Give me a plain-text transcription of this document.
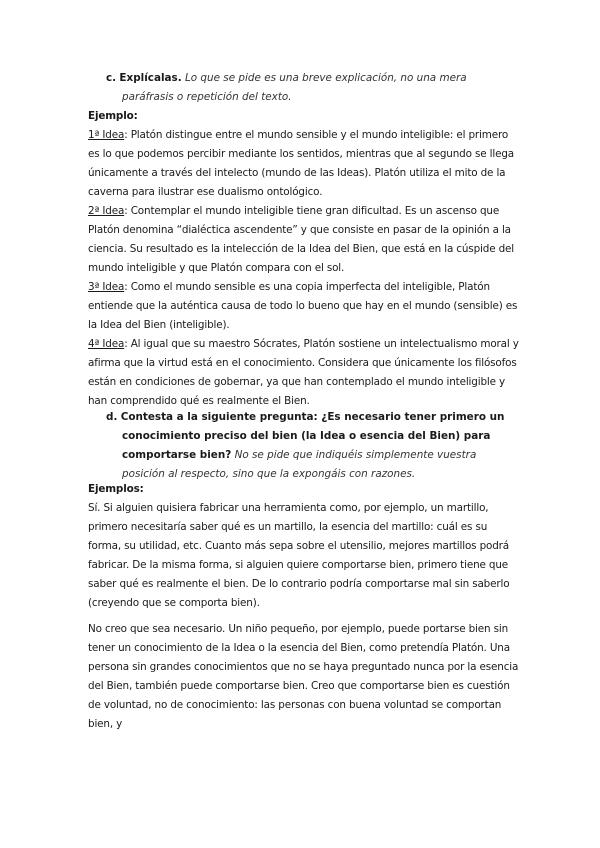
c. Explícalas. Lo que se pide es una breve explicación, no una mera paráfrasis o repetición del texto.

Ejemplo:

1ª Idea: Platón distingue entre el mundo sensible y el mundo inteligible: el primero es lo que podemos percibir mediante los sentidos, mientras que al segundo se llega únicamente a través del intelecto (mundo de las Ideas). Platón utiliza el mito de la caverna para ilustrar ese dualismo ontológico.

2ª Idea: Contemplar el mundo inteligible tiene gran dificultad. Es un ascenso que Platón denomina “dialéctica ascendente” y que consiste en pasar de la opinión a la ciencia. Su resultado es la intelección de la Idea del Bien, que está en la cúspide del mundo inteligible y que Platón compara con el sol.

3ª Idea: Como el mundo sensible es una copia imperfecta del inteligible, Platón entiende que la auténtica causa de todo lo bueno que hay en el mundo (sensible) es la Idea del Bien (inteligible).

4ª Idea: Al igual que su maestro Sócrates, Platón sostiene un intelectualismo moral y afirma que la virtud está en el conocimiento. Considera que únicamente los filósofos están en condiciones de gobernar, ya que han contemplado el mundo inteligible y han comprendido qué es realmente el Bien.

d. Contesta a la siguiente pregunta: ¿Es necesario tener primero un conocimiento preciso del bien (la Idea o esencia del Bien) para comportarse bien? No se pide que indiquéis simplemente vuestra posición al respecto, sino que la expongáis con razones.

Ejemplos:

Sí. Si alguien quisiera fabricar una herramienta como, por ejemplo, un martillo, primero necesitaría saber qué es un martillo, la esencia del martillo: cuál es su forma, su utilidad, etc. Cuanto más sepa sobre el utensilio, mejores martillos podrá fabricar. De la misma forma, si alguien quiere comportarse bien, primero tiene que saber qué es realmente el bien. De lo contrario podría comportarse mal sin saberlo (creyendo que se comporta bien).

No creo que sea necesario. Un niño pequeño, por ejemplo, puede portarse bien sin tener un conocimiento de la Idea o la esencia del Bien, como pretendía Platón. Una persona sin grandes conocimientos que no se haya preguntado nunca por la esencia del Bien, también puede comportarse bien. Creo que comportarse bien es cuestión de voluntad, no de conocimiento: las personas con buena voluntad se comportan bien, y
